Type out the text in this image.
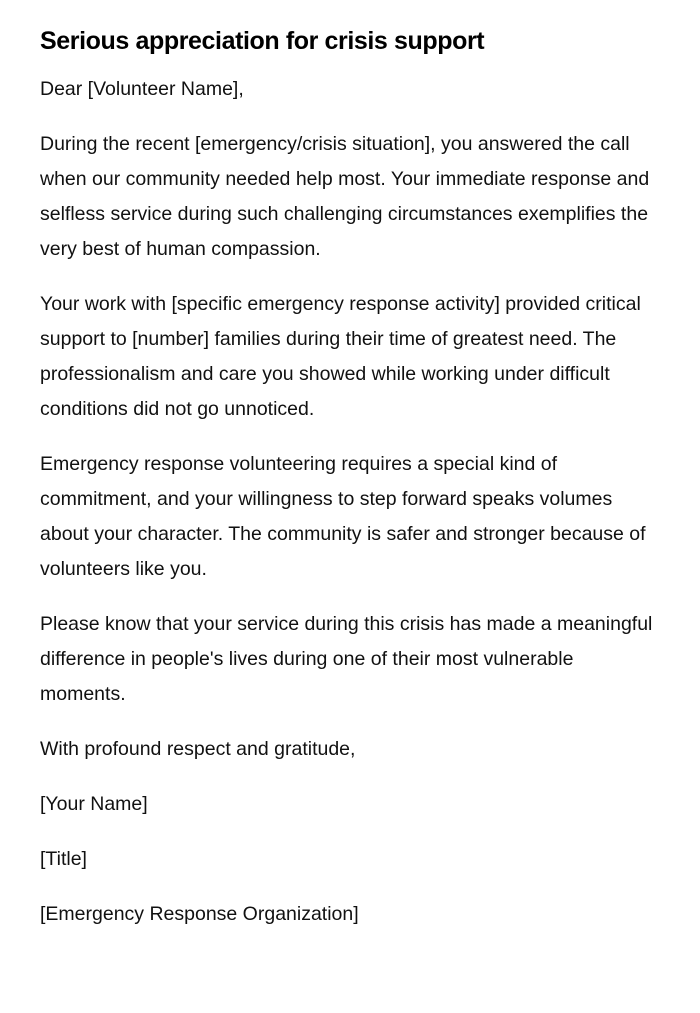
Serious appreciation for crisis support

Dear [Volunteer Name],

During the recent [emergency/crisis situation], you answered the call when our community needed help most. Your immediate response and selfless service during such challenging circumstances exemplifies the very best of human compassion.

Your work with [specific emergency response activity] provided critical support to [number] families during their time of greatest need. The professionalism and care you showed while working under difficult conditions did not go unnoticed.

Emergency response volunteering requires a special kind of commitment, and your willingness to step forward speaks volumes about your character. The community is safer and stronger because of volunteers like you.

Please know that your service during this crisis has made a meaningful difference in people's lives during one of their most vulnerable moments.

With profound respect and gratitude,

[Your Name]

[Title]

[Emergency Response Organization]
